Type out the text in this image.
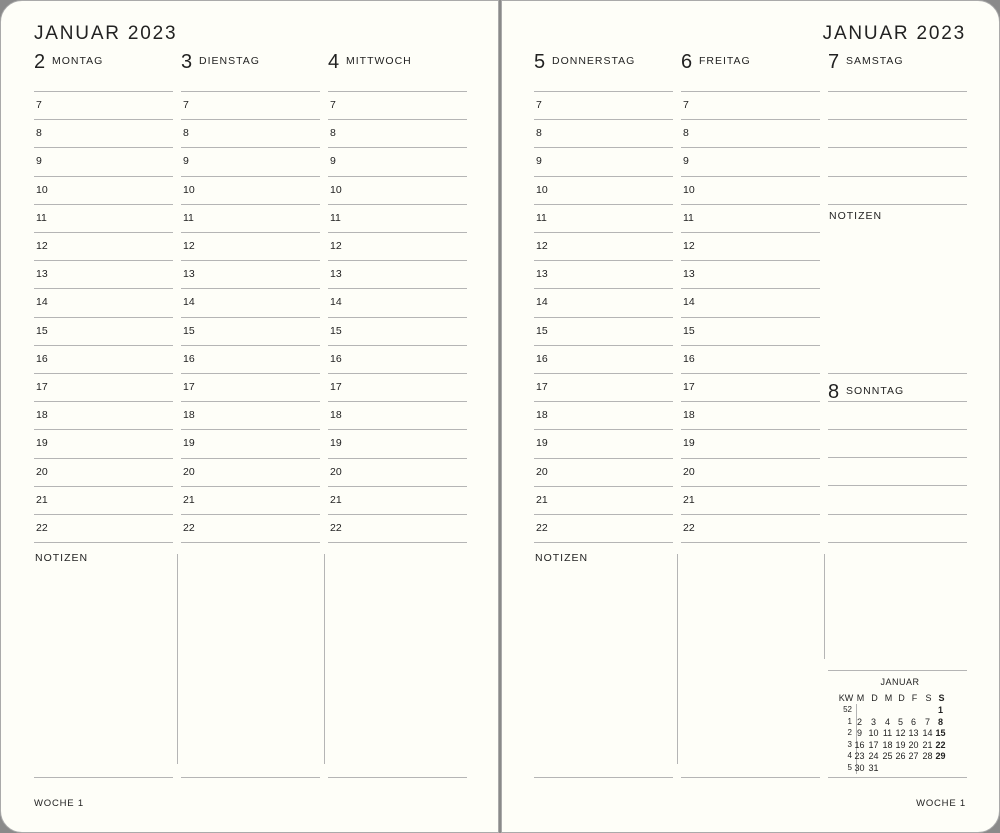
JANUAR 2023
2 MONTAG
7
8
9
10
11
12
13
14
15
16
17
18
19
20
21
22
3 DIENSTAG
7
8
9
10
11
12
13
14
15
16
17
18
19
20
21
22
4 MITTWOCH
7
8
9
10
11
12
13
14
15
16
17
18
19
20
21
22
NOTIZEN
WOCHE 1
JANUAR 2023
5 DONNERSTAG
7
8
9
10
11
12
13
14
15
16
17
18
19
20
21
22
6 FREITAG
7
8
9
10
11
12
13
14
15
16
17
18
19
20
21
22
NOTIZEN
7 SAMSTAG
NOTIZEN
8 SONNTAG
WOCHE 1
JANUAR
KW M D M D F S S
52	1
1 2 3 4 5 6 7 8
2 9 10 11 12 13 14 15
3 16 17 18 19 20 21 22
4 23 24 25 26 27 28 29
5 30 31
